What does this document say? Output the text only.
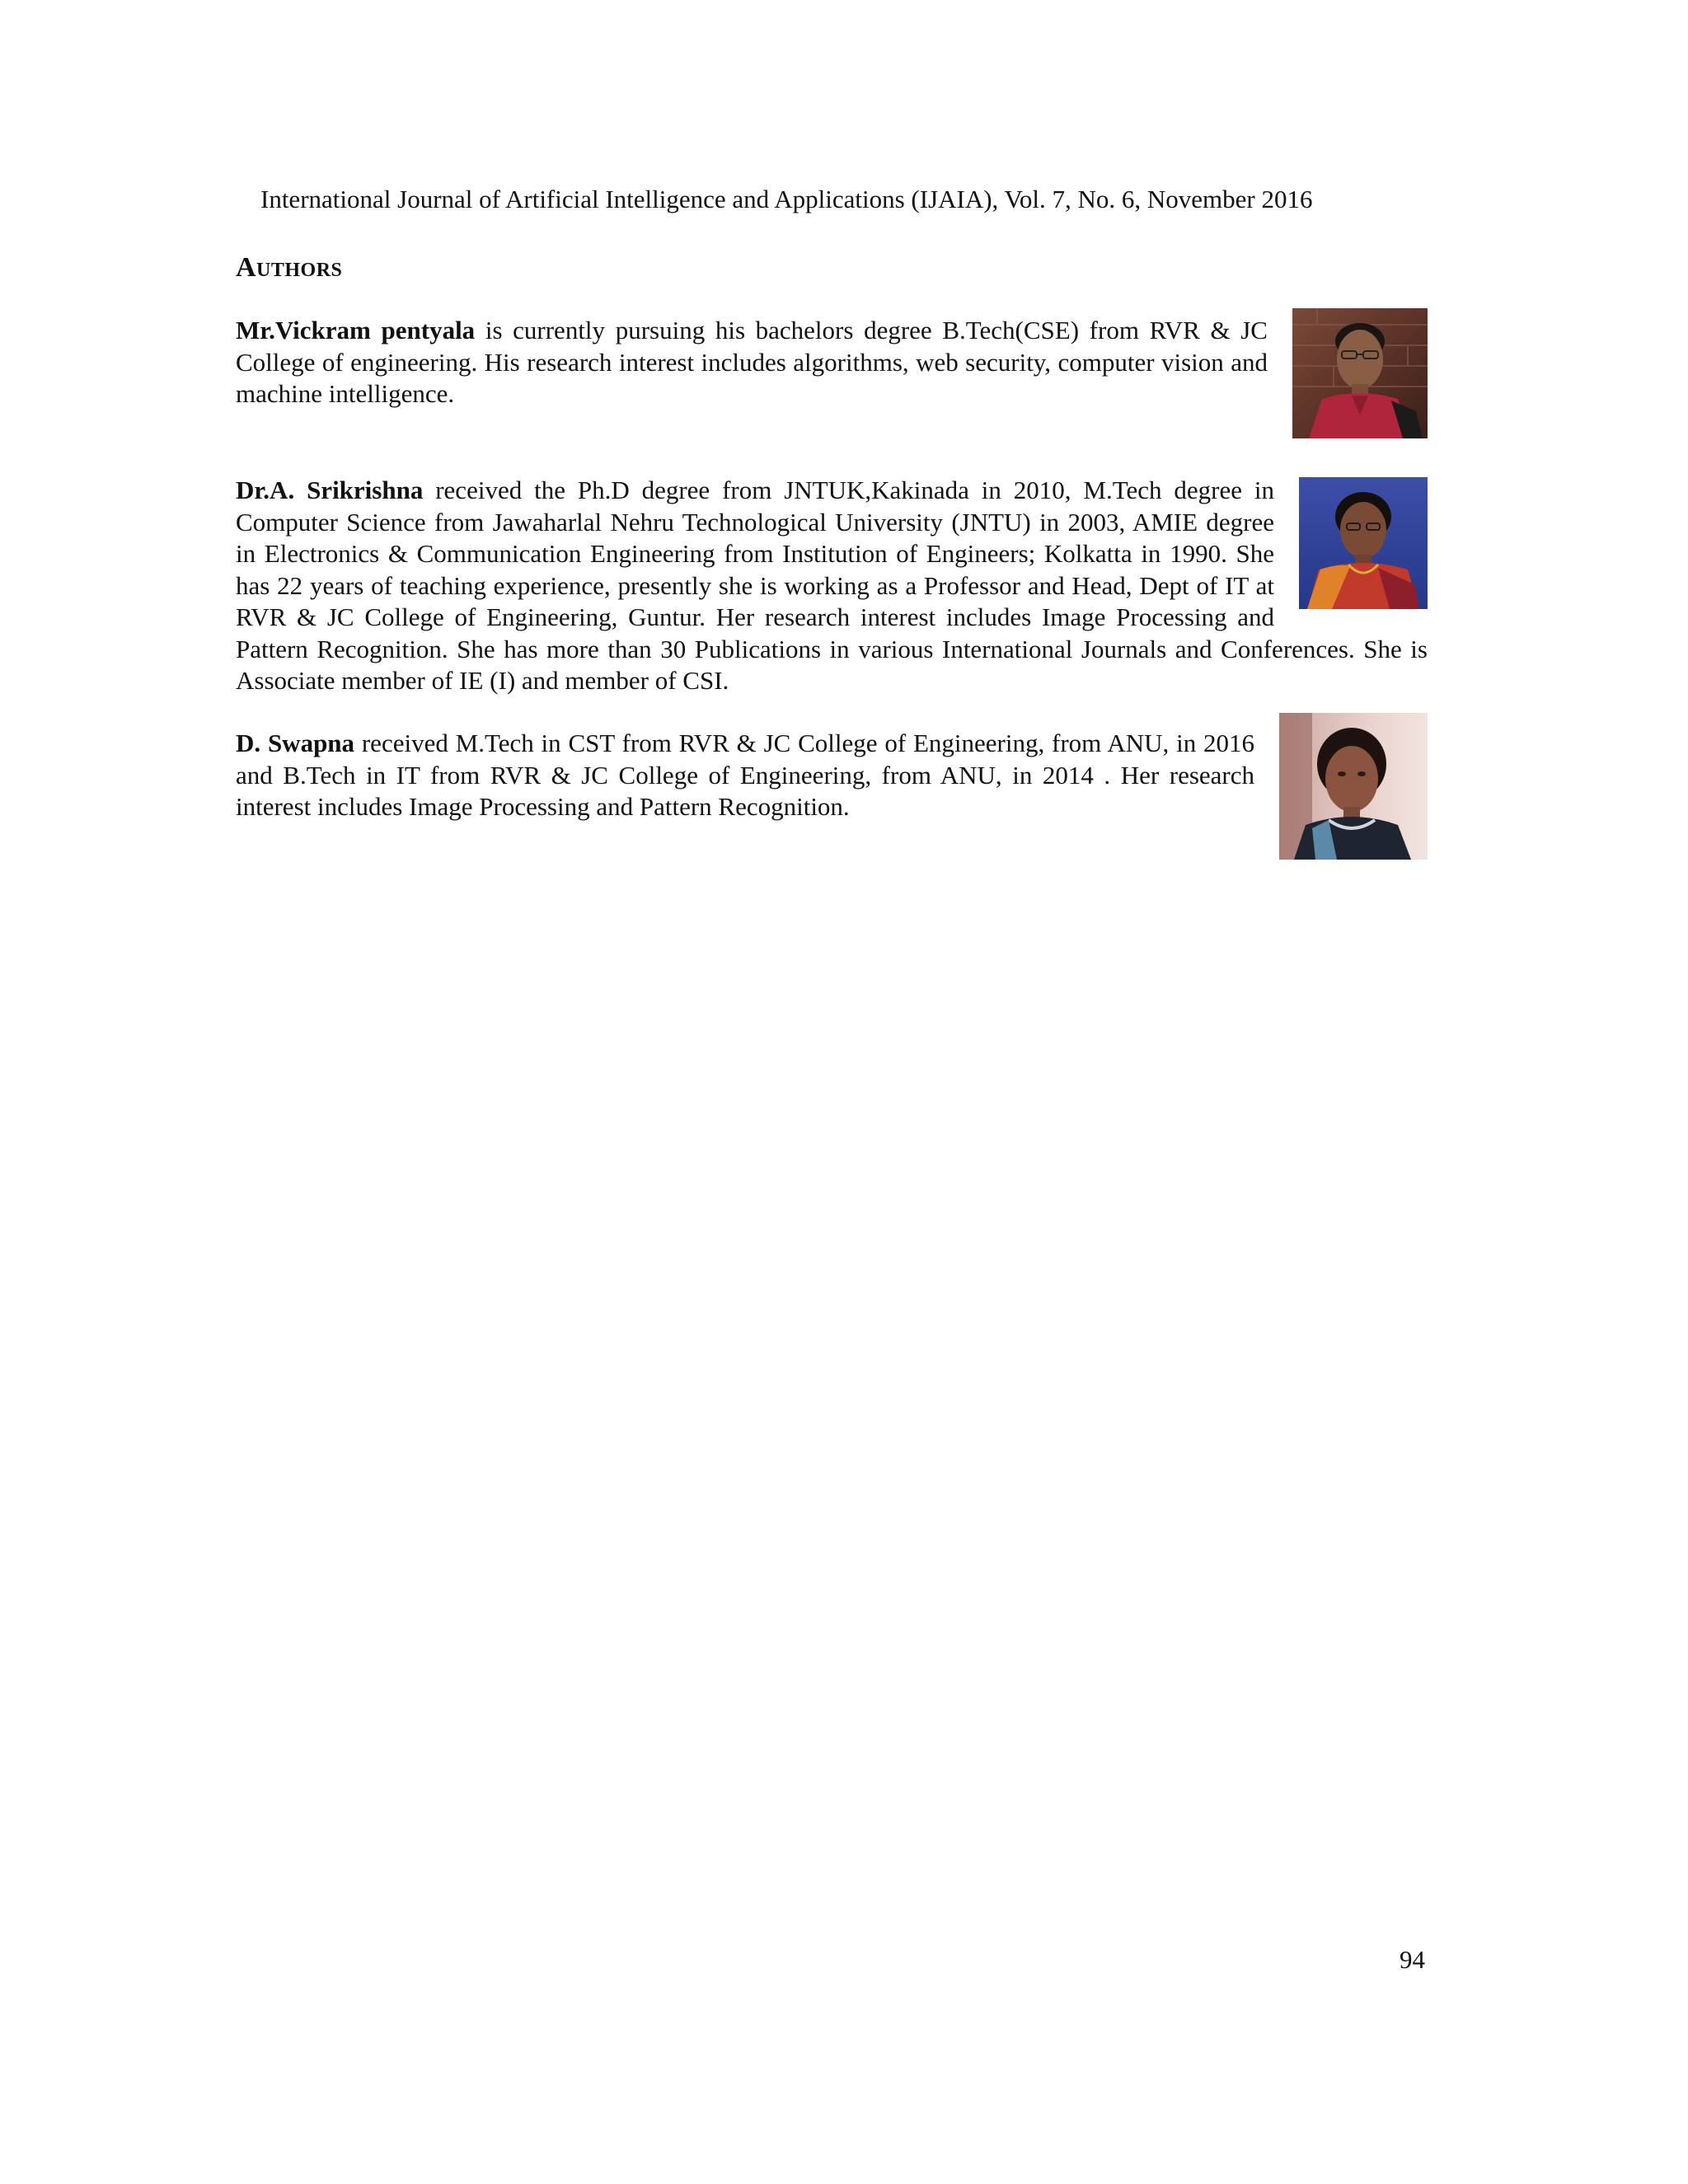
International Journal of Artificial Intelligence and Applications (IJAIA), Vol. 7, No. 6, November 2016
Authors

Mr.Vickram pentyala is currently pursuing his bachelors degree B.Tech(CSE) from RVR & JC College of engineering. His research interest includes algorithms, web security, computer vision and machine intelligence.

Dr.A. Srikrishna received the Ph.D degree from JNTUK,Kakinada in 2010, M.Tech degree in Computer Science from Jawaharlal Nehru Technological University (JNTU) in 2003, AMIE degree in Electronics & Communication Engineering from Institution of Engineers; Kolkatta in 1990. She has 22 years of teaching experience, presently she is working as a Professor and Head, Dept of IT at RVR & JC College of Engineering, Guntur. Her research interest includes Image Processing and Pattern Recognition. She has more than 30 Publications in various International Journals and Conferences. She is Associate member of IE (I) and member of CSI.

D. Swapna received M.Tech in CST from RVR & JC College of Engineering, from ANU, in 2016 and B.Tech in IT from RVR & JC College of Engineering, from ANU, in 2014 . Her research interest includes Image Processing and Pattern Recognition.

94
